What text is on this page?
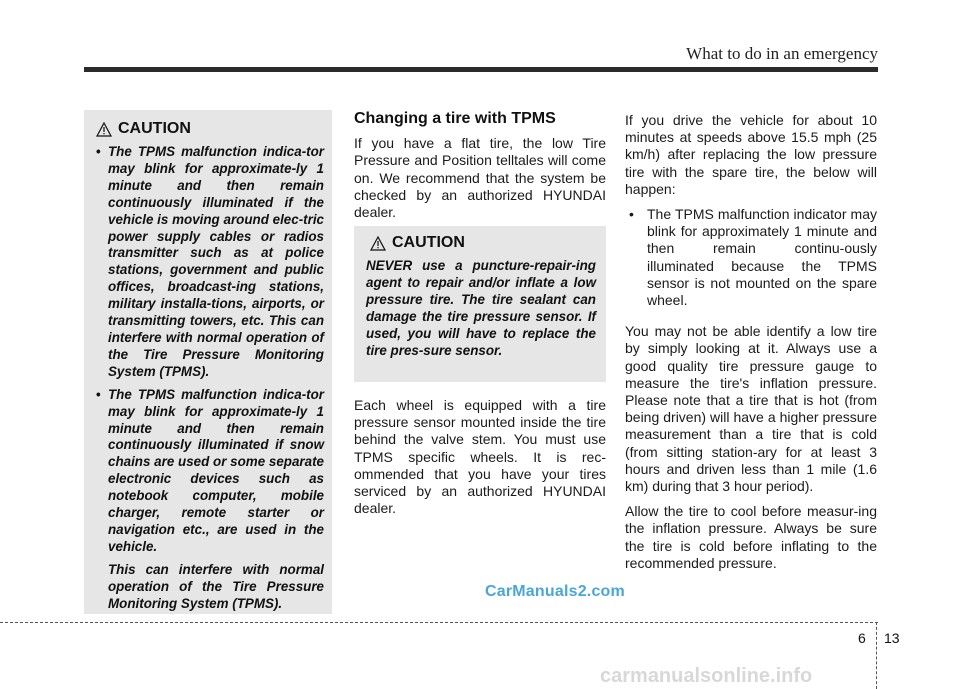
What to do in an emergency
CAUTION

• The TPMS malfunction indica-tor may blink for approximate-ly 1 minute and then remain continuously illuminated if the vehicle is moving around elec-tric power supply cables or radios transmitter such as at police stations, government and public offices, broadcast-ing stations, military installa-tions, airports, or transmitting towers, etc. This can interfere with normal operation of the Tire Pressure Monitoring System (TPMS).

• The TPMS malfunction indica-tor may blink for approximate-ly 1 minute and then remain continuously illuminated if snow chains are used or some separate electronic devices such as notebook computer, mobile charger, remote starter or navigation etc., are used in the vehicle.

This can interfere with normal operation of the Tire Pressure Monitoring System (TPMS).

Changing a tire with TPMS

If you have a flat tire, the low Tire Pressure and Position telltales will come on. We recommend that the system be checked by an authorized HYUNDAI dealer.

CAUTION

NEVER use a puncture-repair-ing agent to repair and/or inflate a low pressure tire. The tire sealant can damage the tire pressure sensor. If used, you will have to replace the tire pres-sure sensor.

Each wheel is equipped with a tire pressure sensor mounted inside the tire behind the valve stem. You must use TPMS specific wheels. It is rec-ommended that you have your tires serviced by an authorized HYUNDAI dealer.

If you drive the vehicle for about 10 minutes at speeds above 15.5 mph (25 km/h) after replacing the low pressure tire with the spare tire, the below will happen:

• The TPMS malfunction indicator may blink for approximately 1 minute and then remain continu-ously illuminated because the TPMS sensor is not mounted on the spare wheel.

You may not be able identify a low tire by simply looking at it. Always use a good quality tire pressure gauge to measure the tire's inflation pressure. Please note that a tire that is hot (from being driven) will have a higher pressure measurement than a tire that is cold (from sitting station-ary for at least 3 hours and driven less than 1 mile (1.6 km) during that 3 hour period).

Allow the tire to cool before measur-ing the inflation pressure. Always be sure the tire is cold before inflating to the recommended pressure.

CarManuals2.com
6 13
carmanualsonline.info
